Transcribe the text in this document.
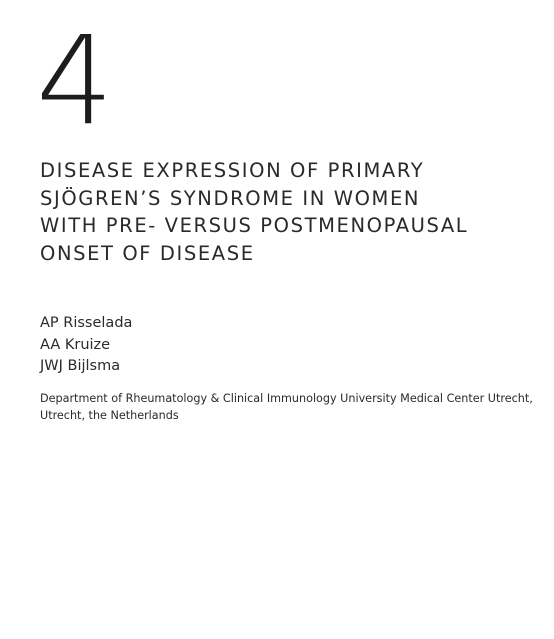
4
DISEASE EXPRESSION OF PRIMARY
SJÖGREN’S SYNDROME IN WOMEN
WITH PRE- VERSUS POSTMENOPAUSAL
ONSET OF DISEASE
AP Risselada
AA Kruize
JWJ Bijlsma
Department of Rheumatology & Clinical Immunology University Medical Center Utrecht,
Utrecht, the Netherlands
